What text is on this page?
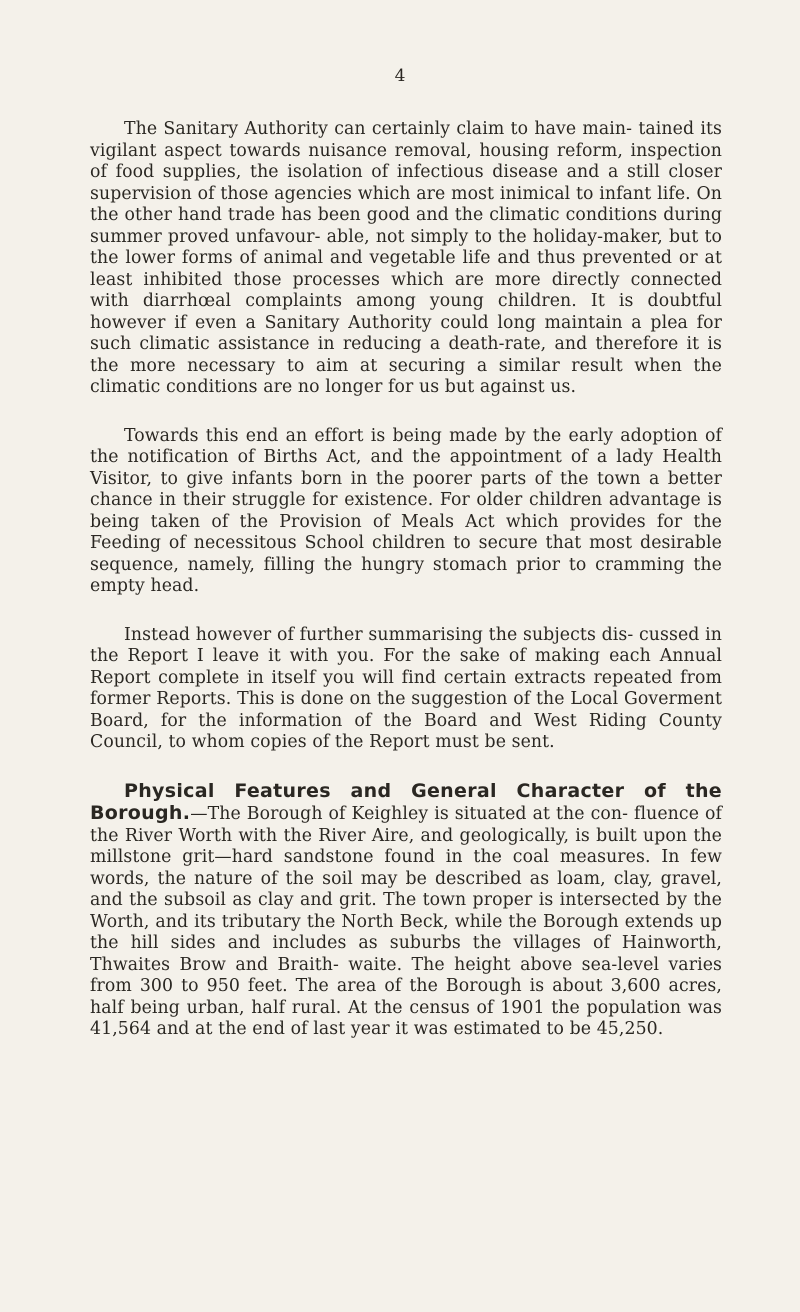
4

The Sanitary Authority can certainly claim to have main- tained its vigilant aspect towards nuisance removal, housing reform, inspection of food supplies, the isolation of infectious disease and a still closer supervision of those agencies which are most inimical to infant life. On the other hand trade has been good and the climatic conditions during summer proved unfavour- able, not simply to the holiday-maker, but to the lower forms of animal and vegetable life and thus prevented or at least inhibited those processes which are more directly connected with diarrhœal complaints among young children. It is doubtful however if even a Sanitary Authority could long maintain a plea for such climatic assistance in reducing a death-rate, and therefore it is the more necessary to aim at securing a similar result when the climatic conditions are no longer for us but against us.

Towards this end an effort is being made by the early adoption of the notification of Births Act, and the appointment of a lady Health Visitor, to give infants born in the poorer parts of the town a better chance in their struggle for existence. For older children advantage is being taken of the Provision of Meals Act which provides for the Feeding of necessitous School children to secure that most desirable sequence, namely, filling the hungry stomach prior to cramming the empty head.

Instead however of further summarising the subjects dis- cussed in the Report I leave it with you. For the sake of making each Annual Report complete in itself you will find certain extracts repeated from former Reports. This is done on the suggestion of the Local Goverment Board, for the information of the Board and West Riding County Council, to whom copies of the Report must be sent.

Physical Features and General Character of the Borough.—The Borough of Keighley is situated at the con- fluence of the River Worth with the River Aire, and geologically, is built upon the millstone grit—hard sandstone found in the coal measures. In few words, the nature of the soil may be described as loam, clay, gravel, and the subsoil as clay and grit. The town proper is intersected by the Worth, and its tributary the North Beck, while the Borough extends up the hill sides and includes as suburbs the villages of Hainworth, Thwaites Brow and Braith- waite. The height above sea-level varies from 300 to 950 feet. The area of the Borough is about 3,600 acres, half being urban, half rural. At the census of 1901 the population was 41,564 and at the end of last year it was estimated to be 45,250.
